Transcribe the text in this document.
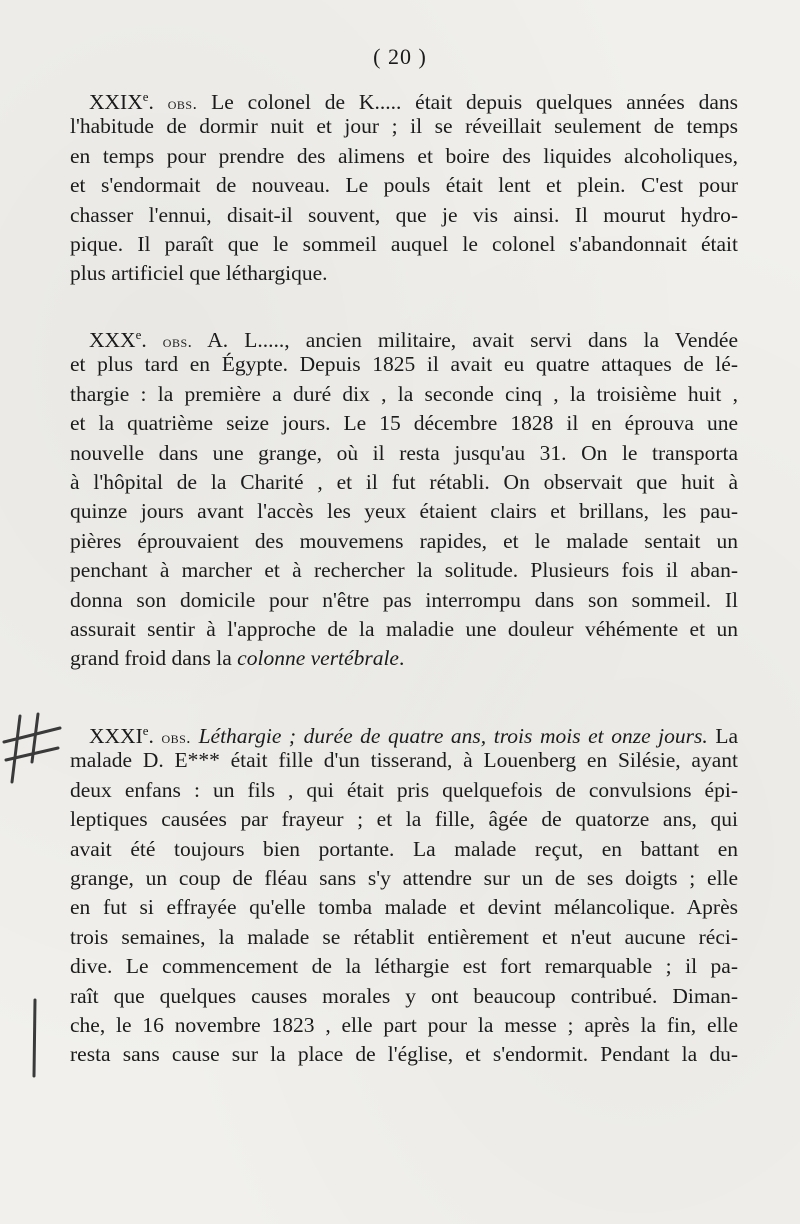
( 20 )
XXIXe. obs. Le colonel de K..... était depuis quelques années dans
l'habitude de dormir nuit et jour ; il se réveillait seulement de temps
en temps pour prendre des alimens et boire des liquides alcoholiques,
et s'endormait de nouveau. Le pouls était lent et plein. C'est pour
chasser l'ennui, disait-il souvent, que je vis ainsi. Il mourut hydro-
pique. Il paraît que le sommeil auquel le colonel s'abandonnait était
plus artificiel que léthargique.
XXXe. obs. A. L....., ancien militaire, avait servi dans la Vendée
et plus tard en Égypte. Depuis 1825 il avait eu quatre attaques de lé-
thargie : la première a duré dix , la seconde cinq , la troisième huit ,
et la quatrième seize jours. Le 15 décembre 1828 il en éprouva une
nouvelle dans une grange, où il resta jusqu'au 31. On le transporta
à l'hôpital de la Charité , et il fut rétabli. On observait que huit à
quinze jours avant l'accès les yeux étaient clairs et brillans, les pau-
pières éprouvaient des mouvemens rapides, et le malade sentait un
penchant à marcher et à rechercher la solitude. Plusieurs fois il aban-
donna son domicile pour n'être pas interrompu dans son sommeil. Il
assurait sentir à l'approche de la maladie une douleur véhémente et un
grand froid dans la colonne vertébrale.
XXXIe. obs. Léthargie ; durée de quatre ans, trois mois et onze jours. La
malade D. E*** était fille d'un tisserand, à Louenberg en Silésie, ayant
deux enfans : un fils , qui était pris quelquefois de convulsions épi-
leptiques causées par frayeur ; et la fille, âgée de quatorze ans, qui
avait été toujours bien portante. La malade reçut, en battant en
grange, un coup de fléau sans s'y attendre sur un de ses doigts ; elle
en fut si effrayée qu'elle tomba malade et devint mélancolique. Après
trois semaines, la malade se rétablit entièrement et n'eut aucune réci-
dive. Le commencement de la léthargie est fort remarquable ; il pa-
raît que quelques causes morales y ont beaucoup contribué. Diman-
che, le 16 novembre 1823 , elle part pour la messe ; après la fin, elle
resta sans cause sur la place de l'église, et s'endormit. Pendant la du-
